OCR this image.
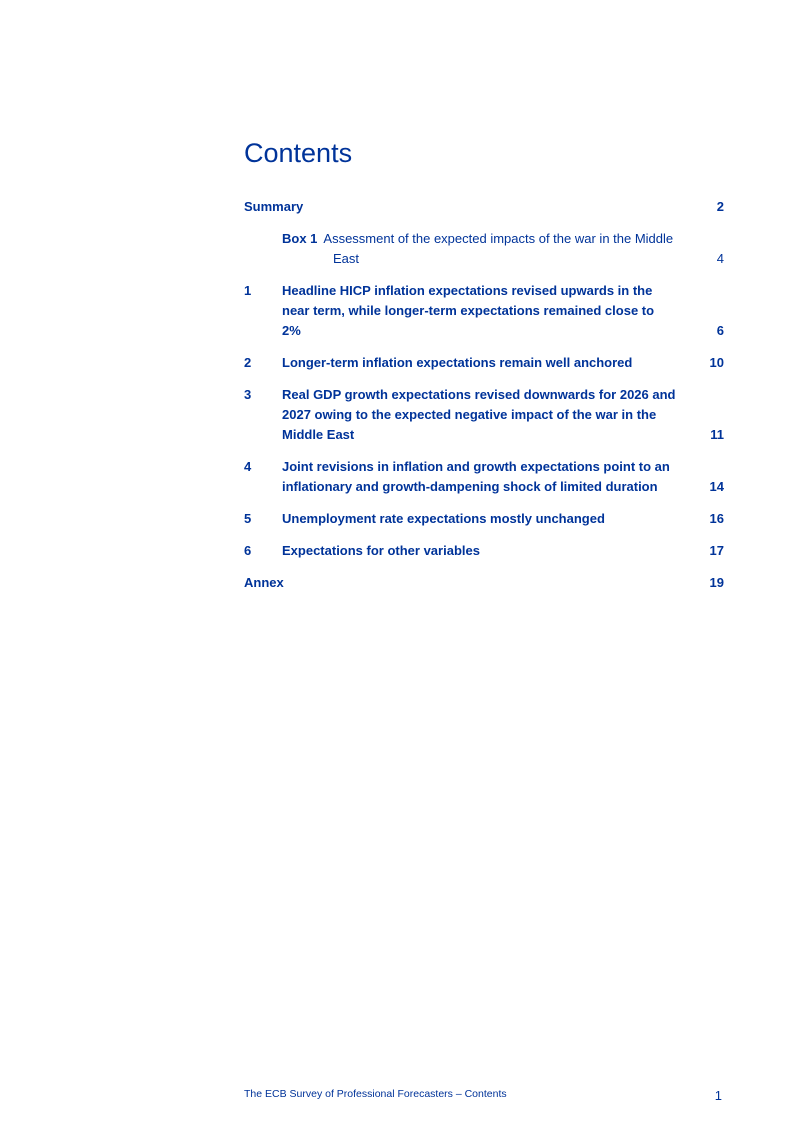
Contents
Summary	2
Box 1 Assessment of the expected impacts of the war in the Middle East	4
1 Headline HICP inflation expectations revised upwards in the near term, while longer-term expectations remained close to 2%	6
2 Longer-term inflation expectations remain well anchored	10
3 Real GDP growth expectations revised downwards for 2026 and 2027 owing to the expected negative impact of the war in the Middle East	11
4 Joint revisions in inflation and growth expectations point to an inflationary and growth-dampening shock of limited duration	14
5 Unemployment rate expectations mostly unchanged	16
6 Expectations for other variables	17
Annex	19
The ECB Survey of Professional Forecasters – Contents	1
